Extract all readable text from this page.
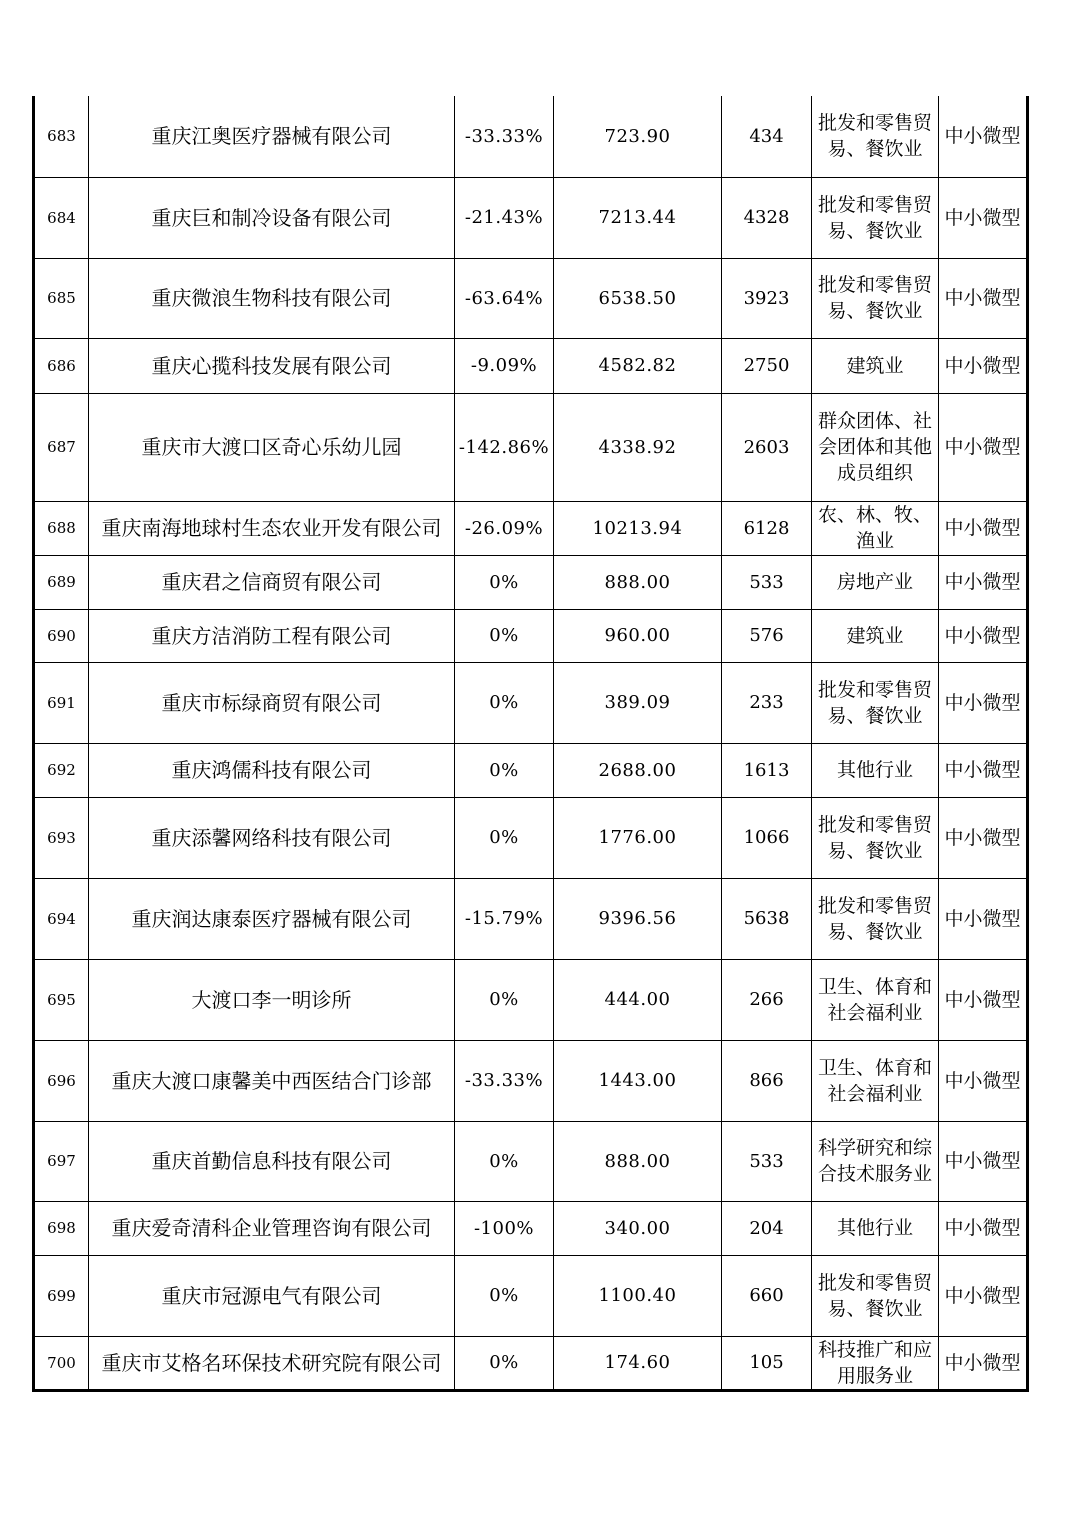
683	重庆江奥医疗器械有限公司	-33.33%	723.90	434	批发和零售贸易、餐饮业	中小微型

684	重庆巨和制冷设备有限公司	-21.43%	7213.44	4328	批发和零售贸易、餐饮业	中小微型

685	重庆微浪生物科技有限公司	-63.64%	6538.50	3923	批发和零售贸易、餐饮业	中小微型

686	重庆心揽科技发展有限公司	-9.09%	4582.82	2750	建筑业	中小微型

687	重庆市大渡口区奇心乐幼儿园	-142.86%	4338.92	2603	群众团体、社会团体和其他成员组织	中小微型

688	重庆南海地球村生态农业开发有限公司	-26.09%	10213.94	6128	农、林、牧、渔业	中小微型

689	重庆君之信商贸有限公司	0%	888.00	533	房地产业	中小微型

690	重庆方洁消防工程有限公司	0%	960.00	576	建筑业	中小微型

691	重庆市标绿商贸有限公司	0%	389.09	233	批发和零售贸易、餐饮业	中小微型

692	重庆鸿儒科技有限公司	0%	2688.00	1613	其他行业	中小微型

693	重庆添馨网络科技有限公司	0%	1776.00	1066	批发和零售贸易、餐饮业	中小微型

694	重庆润达康泰医疗器械有限公司	-15.79%	9396.56	5638	批发和零售贸易、餐饮业	中小微型

695	大渡口李一明诊所	0%	444.00	266	卫生、体育和社会福利业	中小微型

696	重庆大渡口康馨美中西医结合门诊部	-33.33%	1443.00	866	卫生、体育和社会福利业	中小微型

697	重庆首勤信息科技有限公司	0%	888.00	533	科学研究和综合技术服务业	中小微型

698	重庆爱奇清科企业管理咨询有限公司	-100%	340.00	204	其他行业	中小微型

699	重庆市冠源电气有限公司	0%	1100.40	660	批发和零售贸易、餐饮业	中小微型

700	重庆市艾格名环保技术研究院有限公司	0%	174.60	105	科技推广和应用服务业	中小微型
